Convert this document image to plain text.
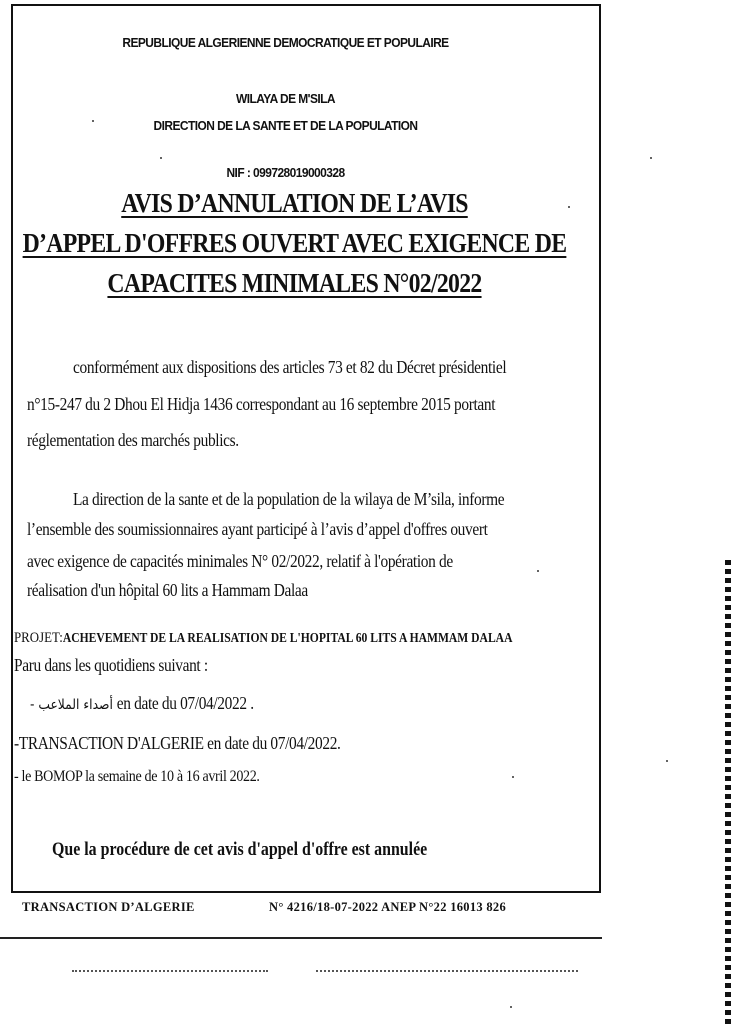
REPUBLIQUE ALGERIENNE DEMOCRATIQUE ET POPULAIRE
WILAYA DE M'SILA
DIRECTION DE LA SANTE ET DE LA POPULATION
NIF : 099728019000328
AVIS D’ANNULATION DE L’AVIS
D’APPEL D'OFFRES OUVERT AVEC EXIGENCE DE
CAPACITES MINIMALES N°02/2022
conformément aux dispositions des articles 73 et 82 du Décret présidentiel
n°15-247 du 2 Dhou El Hidja 1436 correspondant au 16 septembre 2015 portant
réglementation des marchés publics.
La direction de la sante et de la population de la wilaya de M’sila, informe
l’ensemble des soumissionnaires ayant participé à l’avis d’appel d'offres ouvert
avec exigence de capacités minimales N° 02/2022, relatif à l'opération de
réalisation d'un hôpital 60 lits a Hammam Dalaa
PROJET:ACHEVEMENT DE LA REALISATION DE L'HOPITAL 60 LITS A HAMMAM DALAA
Paru dans les quotidiens suivant :
أصداء الملاعب - en date du 07/04/2022 .
-TRANSACTION D'ALGERIE en date du 07/04/2022.
- le BOMOP la semaine de 10 à 16 avril 2022.
Que la procédure de cet avis d'appel d'offre est annulée
TRANSACTION D’ALGERIE	N° 4216/18-07-2022 ANEP N°22 16013 826
